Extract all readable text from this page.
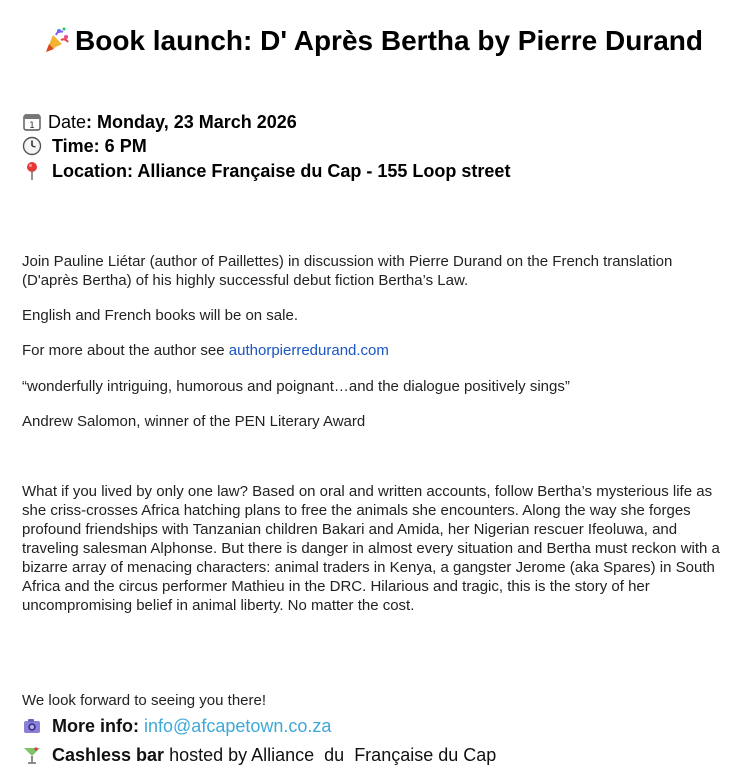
Book launch: D' Après Bertha by Pierre Durand
1 Date : Monday, 23 March 2026
Time: 6 PM
Location: Alliance Française du Cap - 155 Loop street
Join Pauline Liétar (author of Paillettes) in discussion with Pierre Durand on the French translation (D'après Bertha) of his highly successful debut fiction Bertha’s Law.
English and French books will be on sale.
For more about the author see authorpierredurand.com
“wonderfully intriguing, humorous and poignant…and the dialogue positively sings”
Andrew Salomon, winner of the PEN Literary Award
What if you lived by only one law? Based on oral and written accounts, follow Bertha’s mysterious life as she criss-crosses Africa hatching plans to free the animals she encounters. Along the way she forges profound friendships with Tanzanian children Bakari and Amida, her Nigerian rescuer Ifeoluwa, and traveling salesman Alphonse. But there is danger in almost every situation and Bertha must reckon with a bizarre array of menacing characters: animal traders in Kenya, a gangster Jerome (aka Spares) in South Africa and the circus performer Mathieu in the DRC. Hilarious and tragic, this is the story of her uncompromising belief in animal liberty. No matter the cost.
We look forward to seeing you there!
More info:
info@afcapetown.co.za
Cashless bar hosted by Alliance  du  Française du Cap
